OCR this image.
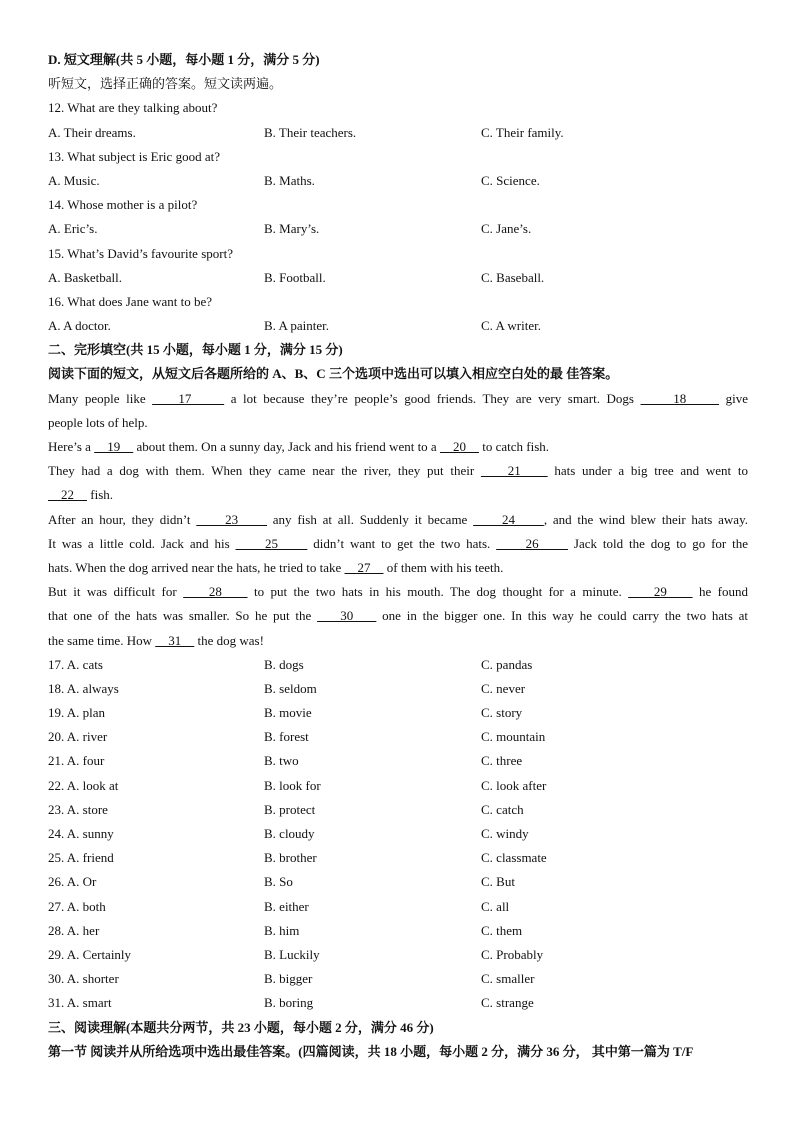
D. 短文理解(共 5 小题，每小题 1 分，满分 5 分)
听短文，选择正确的答案。短文读两遍。
12. What are they talking about?
A. Their dreams.	B. Their teachers.	C. Their family.
13. What subject is Eric good at?
A. Music.	B. Maths.	C. Science.
14. Whose mother is a pilot?
A. Eric’s.	B. Mary’s.	C. Jane’s.
15. What’s David’s favourite sport?
A. Basketball.	B. Football.	C. Baseball.
16. What does Jane want to be?
A. A doctor.	B. A painter.	C. A writer.
二、完形填空(共 15 小题，每小题 1 分，满分 15 分)
阅读下面的短文，从短文后各题所给的 A、B、C 三个选项中选出可以填入相应空白处的最 佳答案。
Many people like     17      a lot because they’re people’s good friends. They are very smart. Dogs      18      give
people lots of help.
Here’s a     19     about them. On a sunny day, Jack and his friend went to a     20     to catch fish.
They had a dog with them. When they came near the river, they put their     21     hats under a big tree and went to
22     fish.
After an hour, they didn’t      23      any fish at all. Suddenly it became      24     , and the wind blew their hats away.
It was a little cold. Jack and his      25      didn’t want to get the two hats.      26      Jack told the dog to go for the
hats. When the dog arrived near the hats, he tried to take     27     of them with his teeth.
But it was difficult for     28     to put the two hats in his mouth. The dog thought for a minute.     29     he found
that one of the hats was smaller. So he put the     30     one in the bigger one. In this way he could carry the two hats at
the same time. How     31     the dog was!
17. A. cats	B. dogs	C. pandas
18. A. always	B. seldom	C. never
19. A. plan	B. movie	C. story
20. A. river	B. forest	C. mountain
21. A. four	B. two	C. three
22. A. look at	B. look for	C. look after
23. A. store	B. protect	C. catch
24. A. sunny	B. cloudy	C. windy
25. A. friend	B. brother	C. classmate
26. A. Or	B. So	C. But
27. A. both	B. either	C. all
28. A. her	B. him	C. them
29. A. Certainly	B. Luckily	C. Probably
30. A. shorter	B. bigger	C. smaller
31. A. smart	B. boring	C. strange
三、阅读理解(本题共分两节，共 23 小题，每小题 2 分，满分 46 分)
第一节 阅读并从所给选项中选出最佳答案。(四篇阅读，共 18 小题，每小题 2 分，满分 36 分， 其中第一篇为 T/F
